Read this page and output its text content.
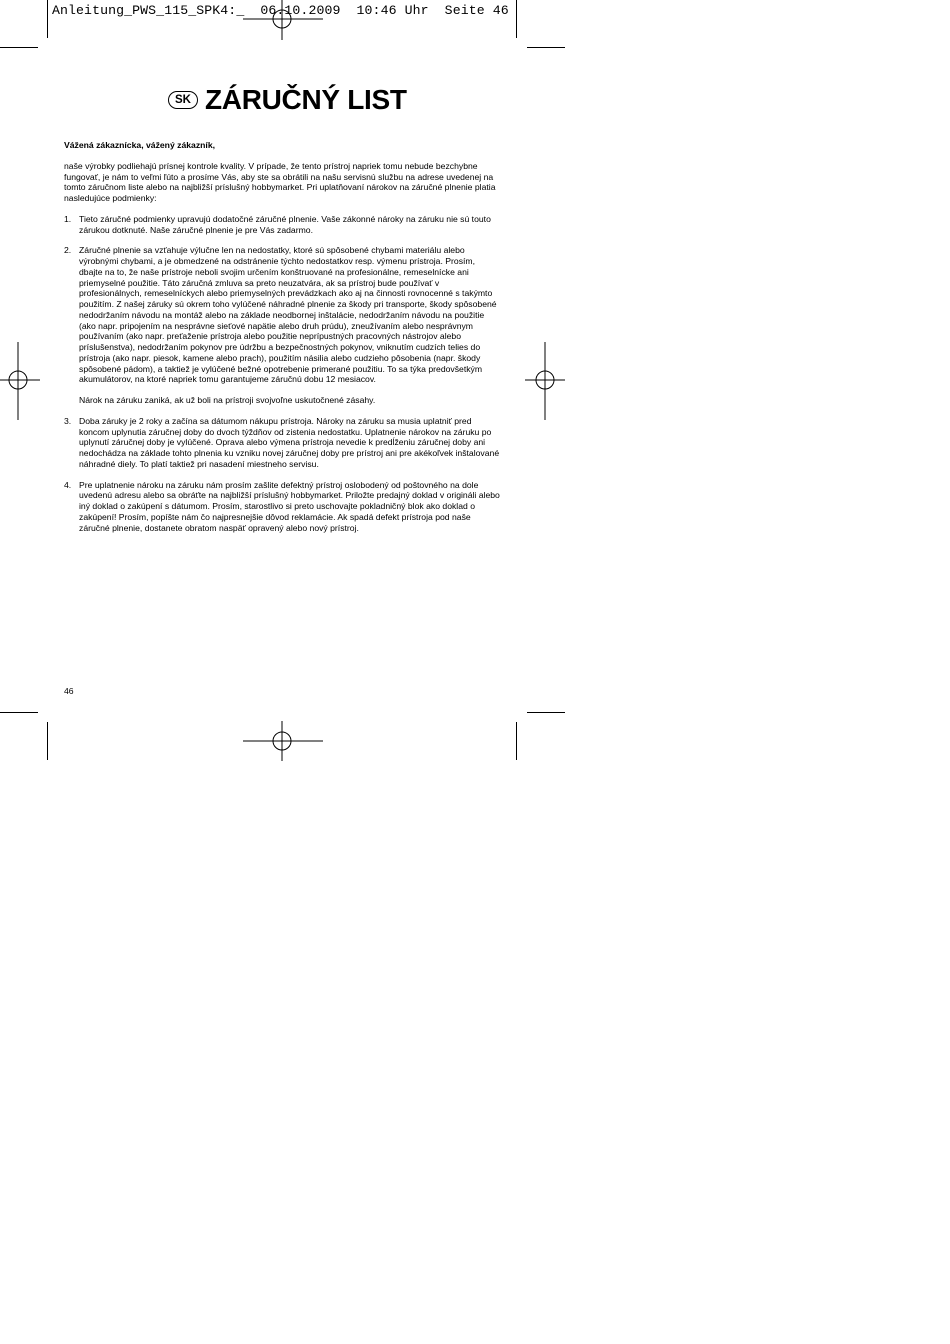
Anleitung_PWS_115_SPK4:_  06.10.2009  10:46 Uhr  Seite 46
SK ZÁRUČNÝ LIST
Vážená zákaznícka, vážený zákazník,
naše výrobky podliehajú prísnej kontrole kvality. V prípade, že tento prístroj napriek tomu nebude bezchybne fungovať, je nám to veľmi ľúto a prosíme Vás, aby ste sa obrátili na našu servisnú službu na adrese uvedenej na tomto záručnom liste alebo na najbližší príslušný hobbymarket. Pri uplatňovaní nárokov na záručné plnenie platia nasledujúce podmienky:
1. Tieto záručné podmienky upravujú dodatočné záručné plnenie. Vaše zákonné nároky na záruku nie sú touto zárukou dotknuté. Naše záručné plnenie je pre Vás zadarmo.
2. Záručné plnenie sa vzťahuje výlučne len na nedostatky, ktoré sú spôsobené chybami materiálu alebo výrobnými chybami, a je obmedzené na odstránenie týchto nedostatkov resp. výmenu prístroja. Prosím, dbajte na to, že naše prístroje neboli svojim určením konštruované na profesionálne, remeselnícke ani priemyselné použitie. Táto záručná zmluva sa preto neuzatvára, ak sa prístroj bude používať v profesionálnych, remeselníckych alebo priemyselných prevádzkach ako aj na činnosti rovnocenné s takýmto použitím. Z našej záruky sú okrem toho vylúčené náhradné plnenie za škody pri transporte, škody spôsobené nedodržaním návodu na montáž alebo na základe neodbornej inštalácie, nedodržaním návodu na použitie (ako napr. pripojením na nesprávne sieťové napätie alebo druh prúdu), zneužívaním alebo nesprávnym používaním (ako napr. preťaženie prístroja alebo použitie neprípustných pracovných nástrojov alebo príslušenstva), nedodržaním pokynov pre údržbu a bezpečnostných pokynov, vniknutím cudzích telies do prístroja (ako napr. piesok, kamene alebo prach), použitím násilia alebo cudzieho pôsobenia (napr. škody spôsobené pádom), a taktiež je vylúčené bežné opotrebenie primerané použitiu. To sa týka predovšetkým akumulátorov, na ktoré napriek tomu garantujeme záručnú dobu 12 mesiacov.
Nárok na záruku zaniká, ak už boli na prístroji svojvoľne uskutočnené zásahy.
3. Doba záruky je 2 roky a začína sa dátumom nákupu prístroja. Nároky na záruku sa musia uplatniť pred koncom uplynutia záručnej doby do dvoch týždňov od zistenia nedostatku. Uplatnenie nárokov na záruku po uplynutí záručnej doby je vylúčené. Oprava alebo výmena prístroja nevedie k predĺženiu záručnej doby ani nedochádza na základe tohto plnenia ku vzniku novej záručnej doby pre prístroj ani pre akékoľvek inštalované náhradné diely. To platí taktiež pri nasadení miestneho servisu.
4. Pre uplatnenie nároku na záruku nám prosím zašlite defektný prístroj oslobodený od poštovného na dole uvedenú adresu alebo sa obráťte na najbližší príslušný hobbymarket. Priložte predajný doklad v origináli alebo iný doklad o zakúpení s dátumom. Prosím, starostlivo si preto uschovajte pokladničný blok ako doklad o zakúpení! Prosím, popíšte nám čo najpresnejšie dôvod reklamácie. Ak spadá defekt prístroja pod naše záručné plnenie, dostanete obratom naspäť opravený alebo nový prístroj.
46
